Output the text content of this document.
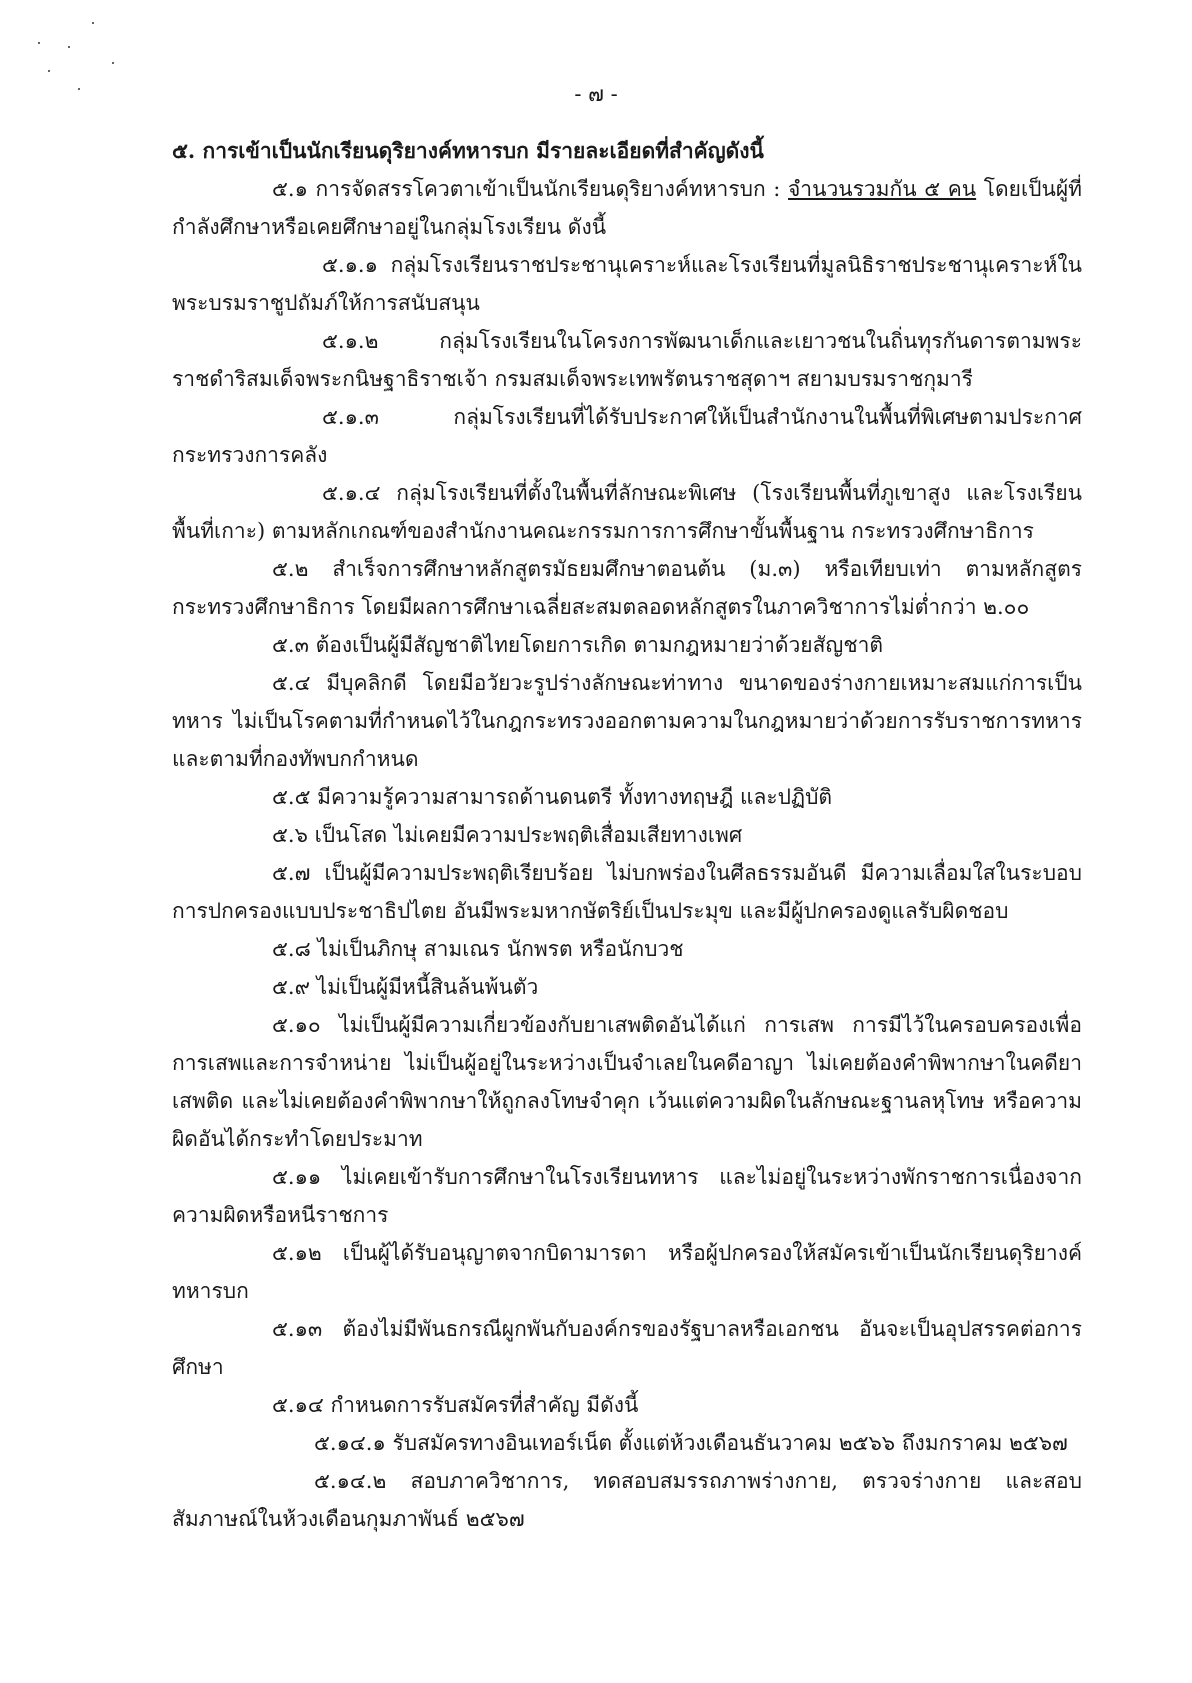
- ๗ -

๕. การเข้าเป็นนักเรียนดุริยางค์ทหารบก มีรายละเอียดที่สำคัญดังนี้

๕.๑ การจัดสรรโควตาเข้าเป็นนักเรียนดุริยางค์ทหารบก : จำนวนรวมกัน ๕ คน โดยเป็นผู้ที่กำลังศึกษาหรือเคยศึกษาอยู่ในกลุ่มโรงเรียน ดังนี้

๕.๑.๑ กลุ่มโรงเรียนราชประชานุเคราะห์และโรงเรียนที่มูลนิธิราชประชานุเคราะห์ในพระบรมราชูปถัมภ์ให้การสนับสนุน

๕.๑.๒ กลุ่มโรงเรียนในโครงการพัฒนาเด็กและเยาวชนในถิ่นทุรกันดารตามพระราชดำริสมเด็จพระกนิษฐาธิราชเจ้า กรมสมเด็จพระเทพรัตนราชสุดาฯ สยามบรมราชกุมารี

๕.๑.๓ กลุ่มโรงเรียนที่ได้รับประกาศให้เป็นสำนักงานในพื้นที่พิเศษตามประกาศกระทรวงการคลัง

๕.๑.๔ กลุ่มโรงเรียนที่ตั้งในพื้นที่ลักษณะพิเศษ (โรงเรียนพื้นที่ภูเขาสูง และโรงเรียนพื้นที่เกาะ) ตามหลักเกณฑ์ของสำนักงานคณะกรรมการการศึกษาขั้นพื้นฐาน กระทรวงศึกษาธิการ

๕.๒ สำเร็จการศึกษาหลักสูตรมัธยมศึกษาตอนต้น (ม.๓) หรือเทียบเท่า ตามหลักสูตรกระทรวงศึกษาธิการ โดยมีผลการศึกษาเฉลี่ยสะสมตลอดหลักสูตรในภาควิชาการไม่ต่ำกว่า ๒.๐๐

๕.๓ ต้องเป็นผู้มีสัญชาติไทยโดยการเกิด ตามกฎหมายว่าด้วยสัญชาติ

๕.๔ มีบุคลิกดี โดยมีอวัยวะรูปร่างลักษณะท่าทาง ขนาดของร่างกายเหมาะสมแก่การเป็นทหาร ไม่เป็นโรคตามที่กำหนดไว้ในกฎกระทรวงออกตามความในกฎหมายว่าด้วยการรับราชการทหาร และตามที่กองทัพบกกำหนด

๕.๕ มีความรู้ความสามารถด้านดนตรี ทั้งทางทฤษฎี และปฏิบัติ

๕.๖ เป็นโสด ไม่เคยมีความประพฤติเสื่อมเสียทางเพศ

๕.๗ เป็นผู้มีความประพฤติเรียบร้อย ไม่บกพร่องในศีลธรรมอันดี มีความเลื่อมใสในระบอบการปกครองแบบประชาธิปไตย อันมีพระมหากษัตริย์เป็นประมุข และมีผู้ปกครองดูแลรับผิดชอบ

๕.๘ ไม่เป็นภิกษุ สามเณร นักพรต หรือนักบวช

๕.๙ ไม่เป็นผู้มีหนี้สินล้นพ้นตัว

๕.๑๐ ไม่เป็นผู้มีความเกี่ยวข้องกับยาเสพติดอันได้แก่ การเสพ การมีไว้ในครอบครองเพื่อการเสพและการจำหน่าย ไม่เป็นผู้อยู่ในระหว่างเป็นจำเลยในคดีอาญา ไม่เคยต้องคำพิพากษาในคดียาเสพติด และไม่เคยต้องคำพิพากษาให้ถูกลงโทษจำคุก เว้นแต่ความผิดในลักษณะฐานลหุโทษ หรือความผิดอันได้กระทำโดยประมาท

๕.๑๑ ไม่เคยเข้ารับการศึกษาในโรงเรียนทหาร และไม่อยู่ในระหว่างพักราชการเนื่องจากความผิดหรือหนีราชการ

๕.๑๒ เป็นผู้ได้รับอนุญาตจากบิดามารดา หรือผู้ปกครองให้สมัครเข้าเป็นนักเรียนดุริยางค์ทหารบก

๕.๑๓ ต้องไม่มีพันธกรณีผูกพันกับองค์กรของรัฐบาลหรือเอกชน อันจะเป็นอุปสรรคต่อการศึกษา

๕.๑๔ กำหนดการรับสมัครที่สำคัญ มีดังนี้

๕.๑๔.๑ รับสมัครทางอินเทอร์เน็ต ตั้งแต่ห้วงเดือนธันวาคม ๒๕๖๖ ถึงมกราคม ๒๕๖๗

๕.๑๔.๒ สอบภาควิชาการ, ทดสอบสมรรถภาพร่างกาย, ตรวจร่างกาย และสอบสัมภาษณ์ในห้วงเดือนกุมภาพันธ์ ๒๕๖๗
